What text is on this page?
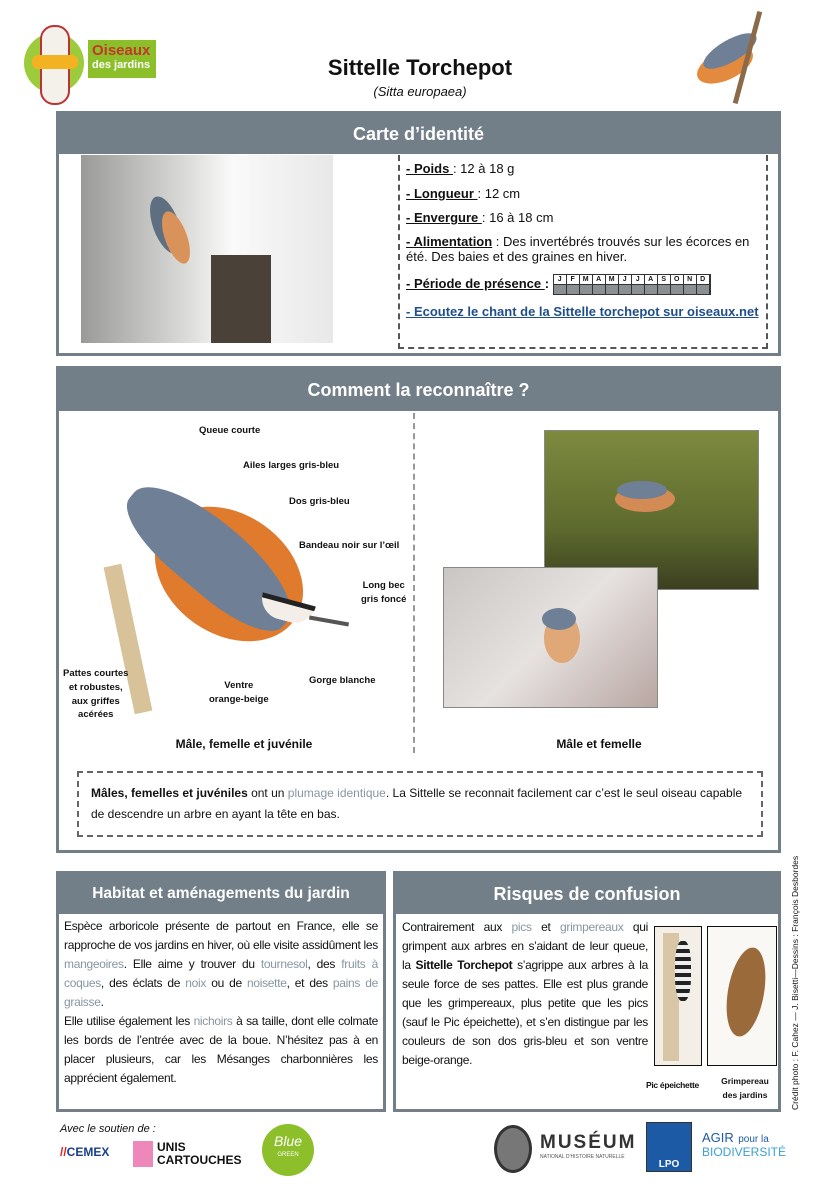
Oiseaux
des jardins	Sittelle Torchepot
(Sitta europaea)
Carte d’identité

- Poids : 12 à 18 g

- Longueur : 12 cm

- Envergure : 16 à 18 cm

- Alimentation : Des invertébrés trouvés sur les écorces en été. Des baies et des graines en hiver.

- Période de présence : J	F	M	A	M	J	J	A	S	O	N	D

- Ecoutez le chant de la Sittelle torchepot sur oiseaux.net

Comment la reconnaître ?
Queue courte
Ailes larges gris-bleu
Dos gris-bleu
Bandeau noir sur l’œil
Long bec
gris foncé
Gorge blanche
Ventre
orange-beige
Pattes courtes
et robustes,
aux griffes
acérées
Mâle, femelle et juvénile	Mâle et femelle
Mâles, femelles et juvéniles ont un plumage identique. La Sittelle se reconnait facilement car c’est le seul oiseau capable de descendre un arbre en ayant la tête en bas.
Habitat et aménagements du jardin
Espèce arboricole présente de partout en France, elle se rapproche de vos jardins en hiver, où elle visite assidûment les mangeoires. Elle aime y trouver du tournesol, des fruits à coques, des éclats de noix ou de noisette, et des pains de graisse.
Elle utilise également les nichoirs à sa taille, dont elle colmate les bords de l’entrée avec de la boue. N’hésitez pas à en placer plusieurs, car les Mésanges charbonnières les apprécient également.
Risques de confusion
Contrairement aux pics et grimpereaux qui grimpent aux arbres en s’aidant de leur queue, la Sittelle Torchepot s’agrippe aux arbres à la seule force de ses pattes. Elle est plus grande que les grimpereaux, plus petite que les pics (sauf le Pic épeichette), et s’en distingue par les couleurs de son dos gris-bleu et son ventre beige-orange.
Pic épeichette	Grimpereau
des jardins	Crédit photo : F. Cahez — J. Bisetti—Dessins : François Desbordes
Avec le soutien de :
//CEMEX	UNIS
CARTOUCHES
Blue
GREEN
MUSÉUM
NATIONAL D’HISTOIRE NATURELLE
LPO
AGIR pour la
BIODIVERSITÉ
